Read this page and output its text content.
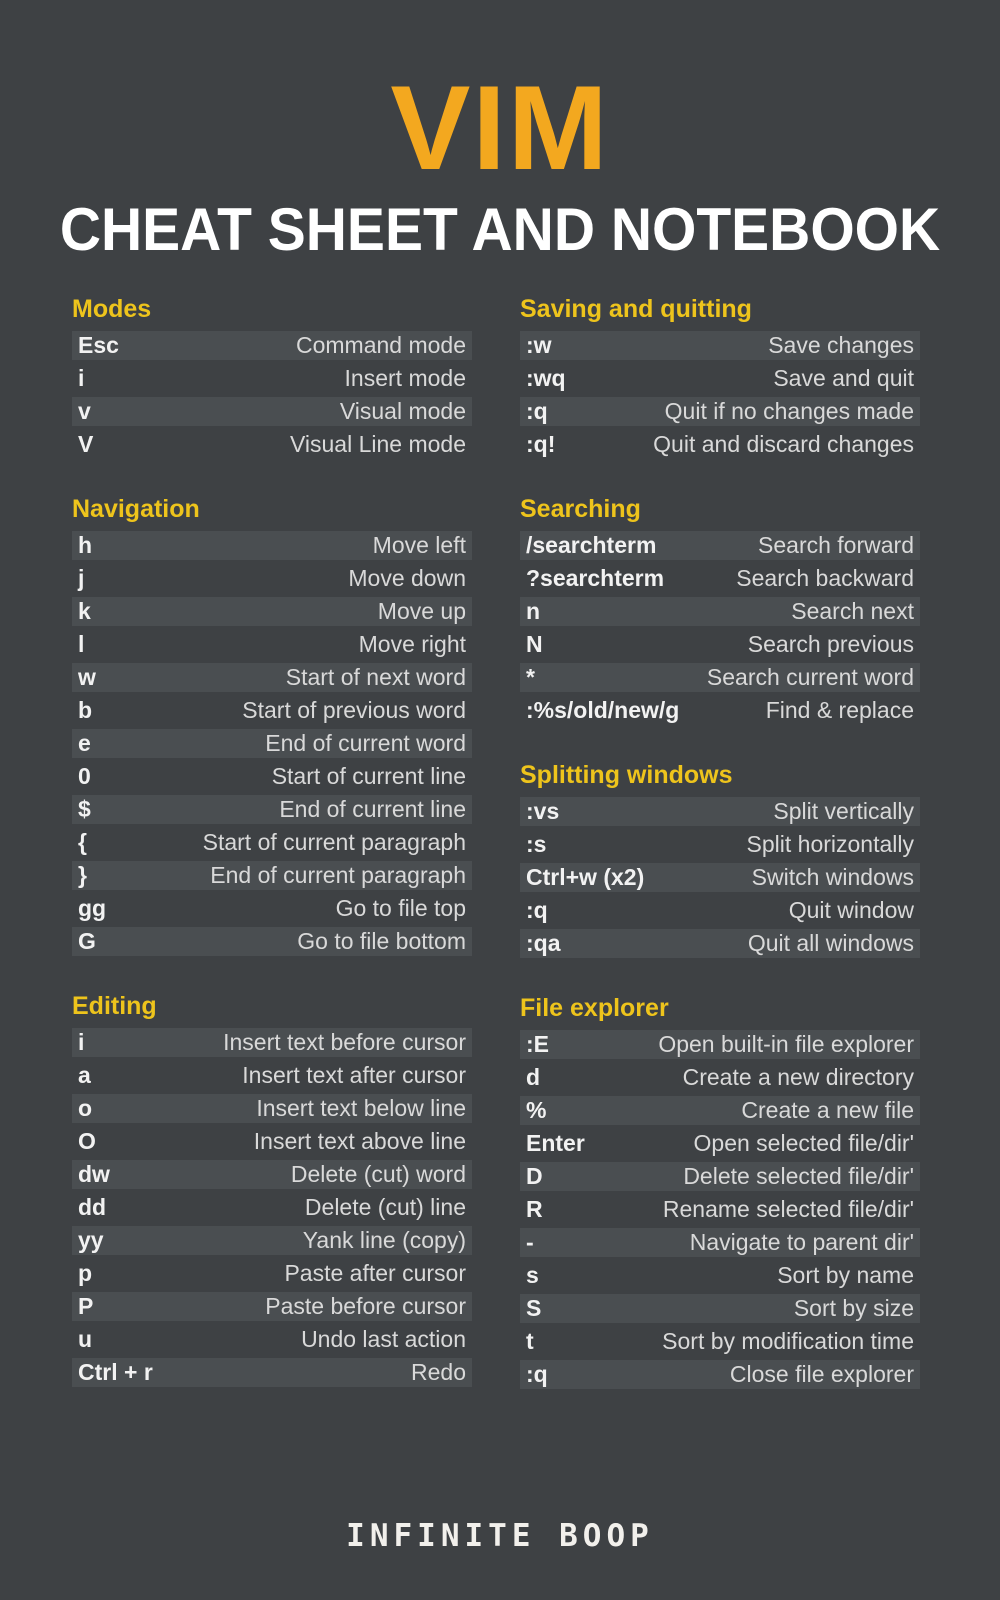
VIM
CHEAT SHEET AND NOTEBOOK
Modes
Esc	Command mode
i	Insert mode
v	Visual mode
V	Visual Line mode
Navigation
h	Move left
j	Move down
k	Move up
l	Move right
w	Start of next word
b	Start of previous word
e	End of current word
0	Start of current line
$	End of current line
{	Start of current paragraph
}	End of current paragraph
gg	Go to file top
G	Go to file bottom
Editing
i	Insert text before cursor
a	Insert text after cursor
o	Insert text below line
O	Insert text above line
dw	Delete (cut) word
dd	Delete (cut) line
yy	Yank line (copy)
p	Paste after cursor
P	Paste before cursor
u	Undo last action
Ctrl + r	Redo
Saving and quitting
:w	Save changes
:wq	Save and quit
:q	Quit if no changes made
:q!	Quit and discard changes
Searching
/searchterm	Search forward
?searchterm	Search backward
n	Search next
N	Search previous
*	Search current word
:%s/old/new/g	Find & replace
Splitting windows
:vs	Split vertically
:s	Split horizontally
Ctrl+w (x2)	Switch windows
:q	Quit window
:qa	Quit all windows
File explorer
:E	Open built-in file explorer
d	Create a new directory
%	Create a new file
Enter	Open selected file/dir'
D	Delete selected file/dir'
R	Rename selected file/dir'
-	Navigate to parent dir'
s	Sort by name
S	Sort by size
t	Sort by modification time
:q	Close file explorer
INFINITE BOOP
